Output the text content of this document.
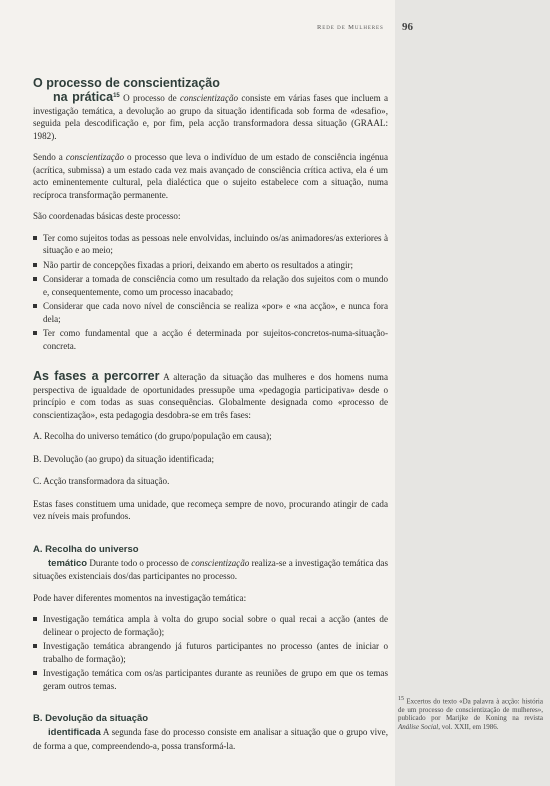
Rede de Mulheres 96
O processo de conscientização

na prática$^{15}$ O processo de conscientização consiste em várias fases que incluem a investigação temática, a devolução ao grupo da situação identificada sob forma de «desafio», seguida pela descodificação e, por fim, pela acção transformadora dessa situação (GRAAL: 1982).

Sendo a conscientização o processo que leva o indivíduo de um estado de consciência ingénua (acrítica, submissa) a um estado cada vez mais avançado de consciência crítica activa, ela é um acto eminentemente cultural, pela dialéctica que o sujeito estabelece com a situação, numa recíproca transformação permanente.

São coordenadas básicas deste processo:

Ter como sujeitos todas as pessoas nele envolvidas, incluindo os/as animadores/as exteriores à situação e ao meio;
Não partir de concepções fixadas a priori, deixando em aberto os resultados a atingir;
Considerar a tomada de consciência como um resultado da relação dos sujeitos com o mundo e, consequentemente, como um processo inacabado;
Considerar que cada novo nível de consciência se realiza «por» e «na acção», e nunca fora dela;
Ter como fundamental que a acção é determinada por sujeitos-concretos-numa-situação-concreta.

As fases a percorrer A alteração da situação das mulheres e dos homens numa perspectiva de igualdade de oportunidades pressupõe uma «pedagogia participativa» desde o princípio e com todas as suas consequências. Globalmente designada como «processo de conscientização», esta pedagogia desdobra-se em três fases:

A. Recolha do universo temático (do grupo/população em causa);
B. Devolução (ao grupo) da situação identificada;
C. Acção transformadora da situação.

Estas fases constituem uma unidade, que recomeça sempre de novo, procurando atingir de cada vez níveis mais profundos.

A. Recolha do universo

temático Durante todo o processo de conscientização realiza-se a investigação temática das situações existenciais dos/das participantes no processo.

Pode haver diferentes momentos na investigação temática:

Investigação temática ampla à volta do grupo social sobre o qual recai a acção (antes de delinear o projecto de formação);
Investigação temática abrangendo já futuros participantes no processo (antes de iniciar o trabalho de formação);
Investigação temática com os/as participantes durante as reuniões de grupo em que os temas geram outros temas.
B. Devolução da situação

identificada A segunda fase do processo consiste em analisar a situação que o grupo vive, de forma a que, compreendendo-a, possa transformá-la.

$^{15}$ Excertos do texto «Da palavra à acção: história de um processo de conscientização de mulheres», publicado por Marijke de Koning na revista Análise Social, vol. XXII, em 1986.
